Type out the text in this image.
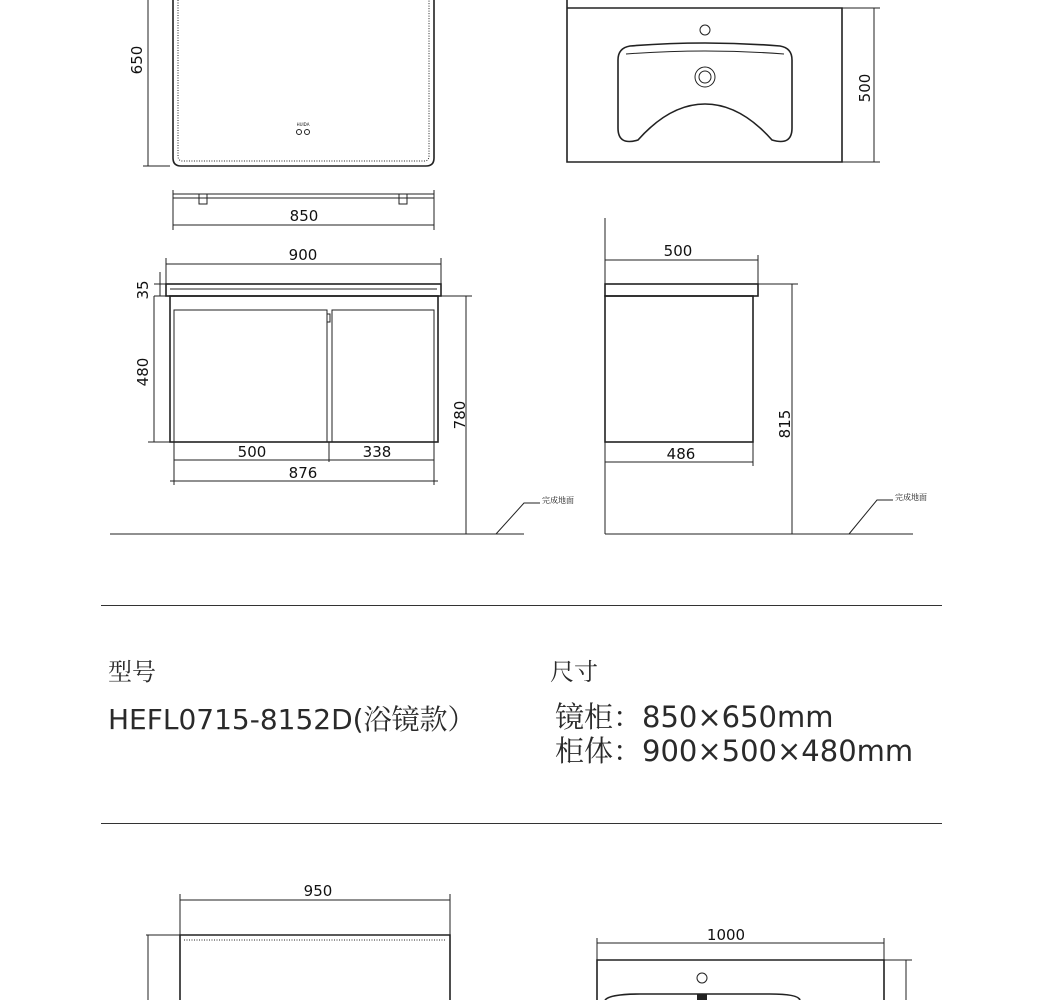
650
HUIDA
850
500
900
35
480
500	338
876
780
完成地面
500
815
486
完成地面
950
1000
型号
HEFL0715-8152D(浴镜款）
尺寸
镜柜：850×650mm
柜体：900×500×480mm
